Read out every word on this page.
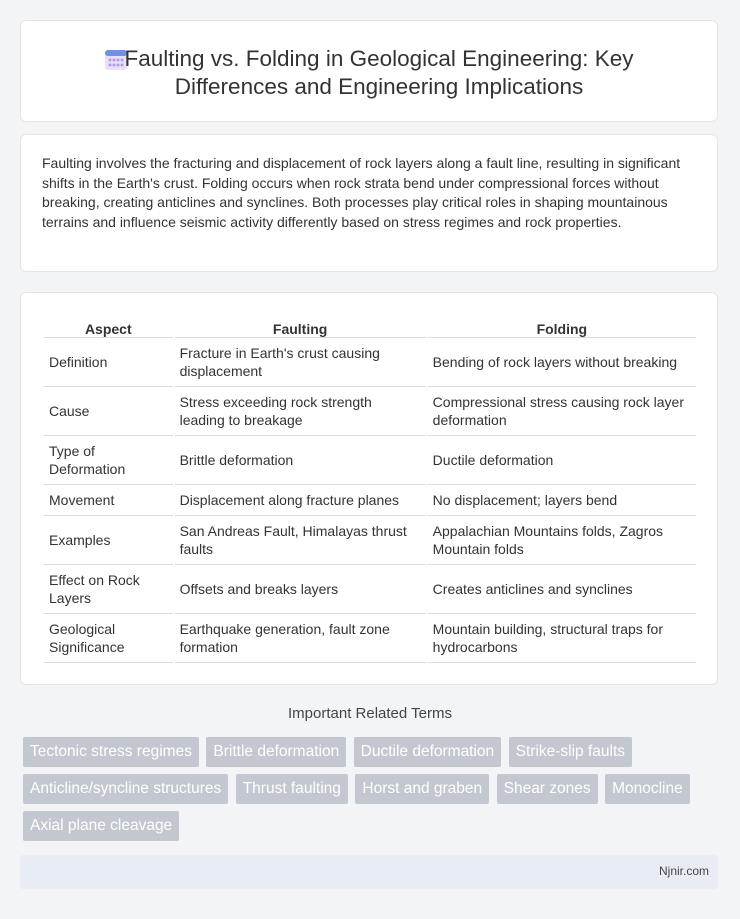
Faulting vs. Folding in Geological Engineering: Key Differences and Engineering Implications

Faulting involves the fracturing and displacement of rock layers along a fault line, resulting in significant shifts in the Earth's crust. Folding occurs when rock strata bend under compressional forces without breaking, creating anticlines and synclines. Both processes play critical roles in shaping mountainous terrains and influence seismic activity differently based on stress regimes and rock properties.

Aspect	Faulting	Folding
Definition	Fracture in Earth's crust causing displacement	Bending of rock layers without breaking
Cause	Stress exceeding rock strength leading to breakage	Compressional stress causing rock layer deformation
Type of Deformation	Brittle deformation	Ductile deformation
Movement	Displacement along fracture planes	No displacement; layers bend
Examples	San Andreas Fault, Himalayas thrust faults	Appalachian Mountains folds, Zagros Mountain folds
Effect on Rock Layers	Offsets and breaks layers	Creates anticlines and synclines
Geological Significance	Earthquake generation, fault zone formation	Mountain building, structural traps for hydrocarbons
Important Related Terms
Tectonic stress regimes Brittle deformation Ductile deformation Strike-slip faults Anticline/syncline structures Thrust faulting Horst and graben Shear zones Monocline Axial plane cleavage
Njnir.com
